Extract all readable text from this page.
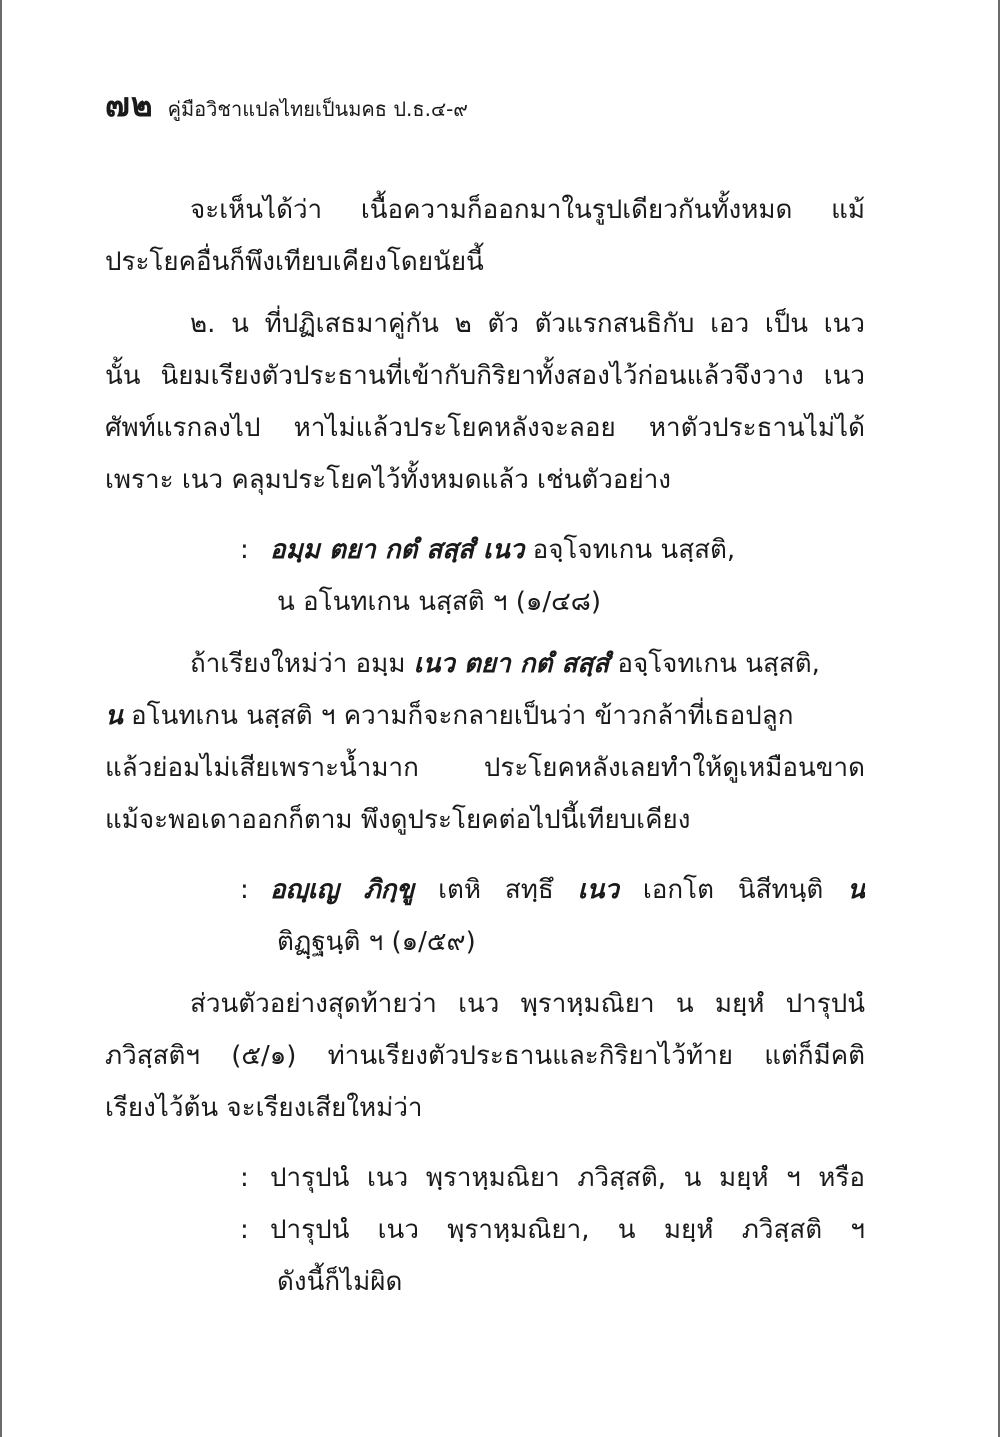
๗๒ คู่มือวิชาแปลไทยเป็นมคธ ป.ธ.๔-๙
จะเห็นได้ว่า เนื้อความก็ออกมาในรูปเดียวกันทั้งหมด แม้
ประโยคอื่นก็พึงเทียบเคียงโดยนัยนี้
๒. น ที่ปฏิเสธมาคู่กัน ๒ ตัว ตัวแรกสนธิกับ เอว เป็น เนว
นั้น นิยมเรียงตัวประธานที่เข้ากับกิริยาทั้งสองไว้ก่อนแล้วจึงวาง เนว
ศัพท์แรกลงไป หาไม่แล้วประโยคหลังจะลอย หาตัวประธานไม่ได้
เพราะ เนว คลุมประโยคไว้ทั้งหมดแล้ว เช่นตัวอย่าง
: อมฺม ตยา กตํ สสฺสํ เนว อจฺโจทเกน นสฺสติ,
น อโนทเกน นสฺสติ ฯ (๑/๔๘)
ถ้าเรียงใหม่ว่า อมฺม เนว ตยา กตํ สสฺสํ อจฺโจทเกน นสฺสติ,
น อโนทเกน นสฺสติ ฯ ความก็จะกลายเป็นว่า ข้าวกล้าที่เธอปลูก
แล้วย่อมไม่เสียเพราะน้ำมาก ประโยคหลังเลยทำให้ดูเหมือนขาด
แม้จะพอเดาออกก็ตาม พึงดูประโยคต่อไปนี้เทียบเคียง
: อญฺเญ ภิกฺขู เตหิ สทฺธึ เนว เอกโต นิสีทนฺติ น
ติฏฺฐนฺติ ฯ (๑/๕๙)
ส่วนตัวอย่างสุดท้ายว่า เนว พฺราหฺมณิยา น มยฺหํ ปารุปนํ
ภวิสฺสติฯ (๕/๑) ท่านเรียงตัวประธานและกิริยาไว้ท้าย แต่ก็มีคติ
เรียงไว้ต้น จะเรียงเสียใหม่ว่า
: ปารุปนํ เนว พฺราหฺมณิยา ภวิสฺสติ, น มยฺหํ ฯ หรือ
: ปารุปนํ เนว พฺราหฺมณิยา, น มยฺหํ ภวิสฺสติ ฯ
ดังนี้ก็ไม่ผิด
